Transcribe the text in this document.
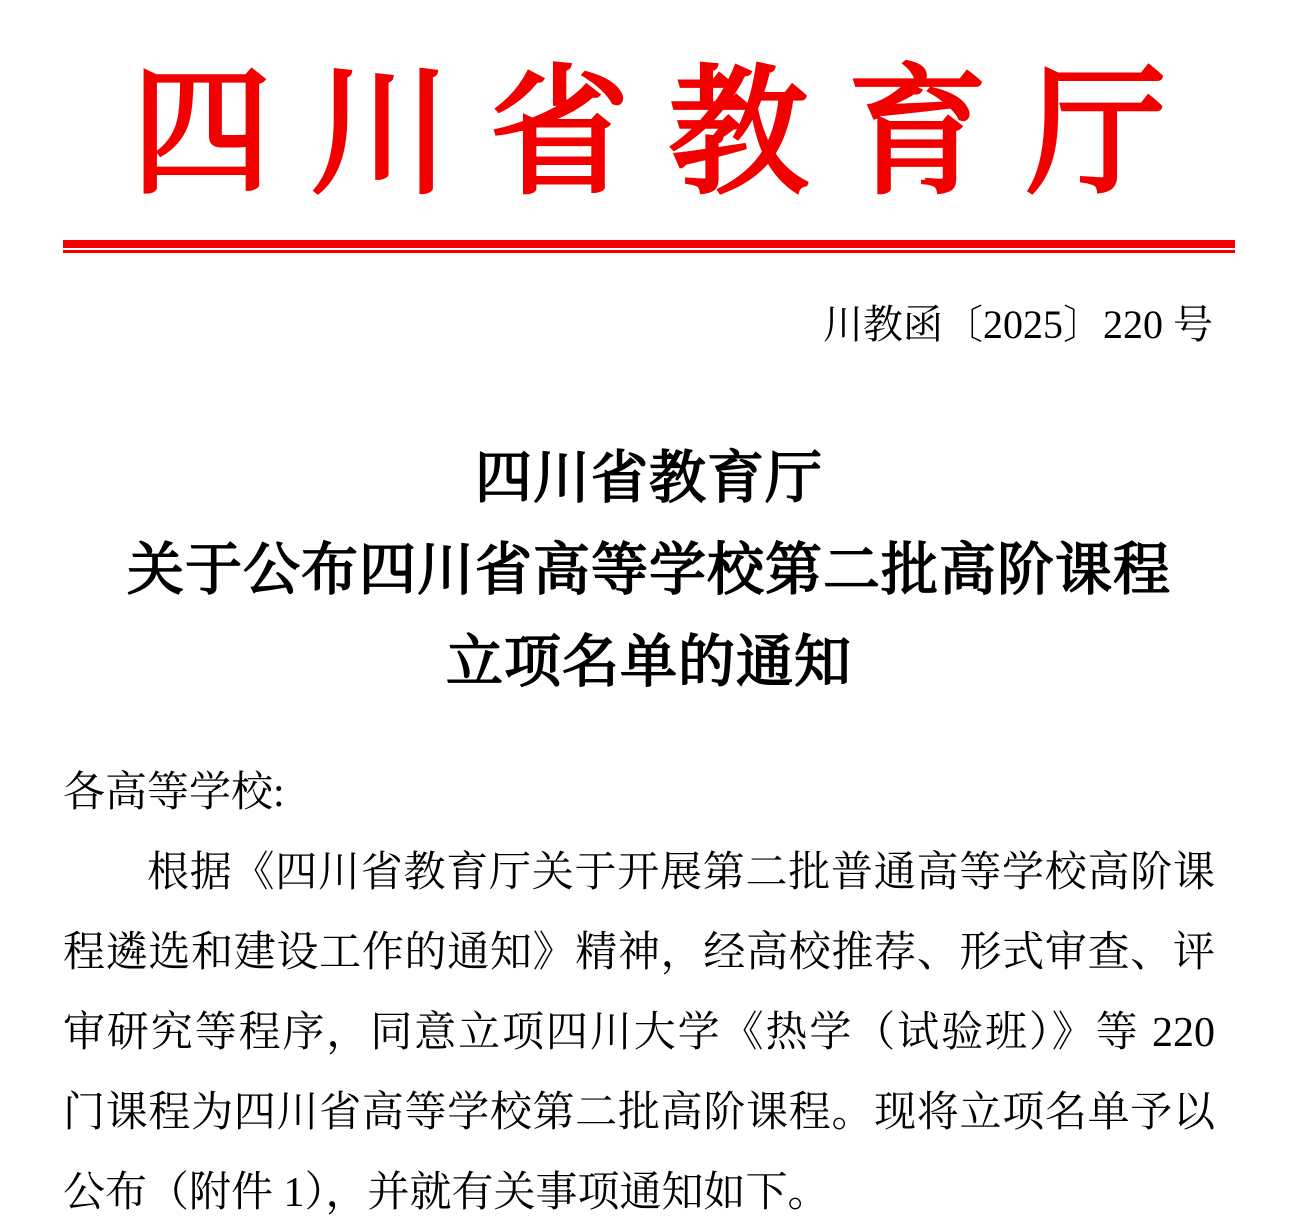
四川省教育厅
川教函〔2025〕220 号
四川省教育厅
关于公布四川省高等学校第二批高阶课程
立项名单的通知
各高等学校:

根据《四川省教育厅关于开展第二批普通高等学校高阶课程遴选和建设工作的通知》精神，经高校推荐、形式审查、评审研究等程序，同意立项四川大学《热学（试验班）》等 220 门课程为四川省高等学校第二批高阶课程。现将立项名单予以公布（附件 1），并就有关事项通知如下。
